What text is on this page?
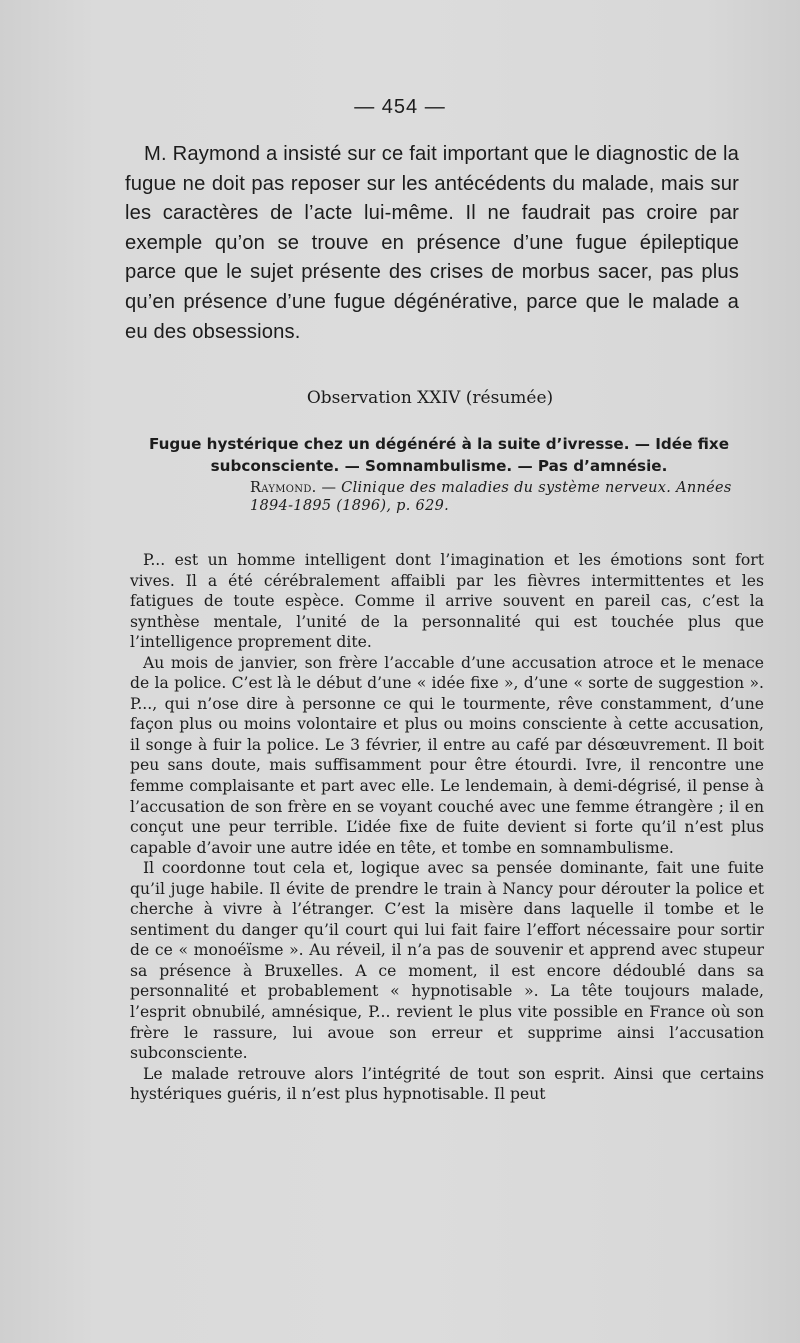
— 454 —
M. Raymond a insisté sur ce fait important que le diagnostic de la fugue ne doit pas reposer sur les antécédents du malade, mais sur les caractères de l’acte lui-même. Il ne faudrait pas croire par exemple qu’on se trouve en présence d’une fugue épileptique parce que le sujet présente des crises de morbus sacer, pas plus qu’en présence d’une fugue dégénérative, parce que le malade a eu des obsessions.
Observation XXIV (résumée)
Fugue hystérique chez un dégénéré à la suite d’ivresse. — Idée fixe subconsciente. — Somnambulisme. — Pas d’amnésie.
Raymond. — Clinique des maladies du système nerveux. Années 1894-1895 (1896), p. 629.

P... est un homme intelligent dont l’imagination et les émotions sont fort vives. Il a été cérébralement affaibli par les fièvres intermittentes et les fatigues de toute espèce. Comme il arrive souvent en pareil cas, c’est la synthèse mentale, l’unité de la personnalité qui est touchée plus que l’intelligence proprement dite.

Au mois de janvier, son frère l’accable d’une accusation atroce et le menace de la police. C’est là le début d’une « idée fixe », d’une « sorte de suggestion ». P..., qui n’ose dire à personne ce qui le tourmente, rêve constamment, d’une façon plus ou moins volontaire et plus ou moins consciente à cette accusation, il songe à fuir la police. Le 3 février, il entre au café par désœuvrement. Il boit peu sans doute, mais suffisamment pour être étourdi. Ivre, il rencontre une femme complaisante et part avec elle. Le lendemain, à demi-dégrisé, il pense à l’accusation de son frère en se voyant couché avec une femme étrangère ; il en conçut une peur terrible. L’idée fixe de fuite devient si forte qu’il n’est plus capable d’avoir une autre idée en tête, et tombe en somnambulisme.

Il coordonne tout cela et, logique avec sa pensée dominante, fait une fuite qu’il juge habile. Il évite de prendre le train à Nancy pour dérouter la police et cherche à vivre à l’étranger. C’est la misère dans laquelle il tombe et le sentiment du danger qu’il court qui lui fait faire l’effort nécessaire pour sortir de ce « monoéïsme ». Au réveil, il n’a pas de souvenir et apprend avec stupeur sa présence à Bruxelles. A ce moment, il est encore dédoublé dans sa personnalité et probablement « hypnotisable ». La tête toujours malade, l’esprit obnubilé, amnésique, P... revient le plus vite possible en France où son frère le rassure, lui avoue son erreur et supprime ainsi l’accusation subconsciente.

Le malade retrouve alors l’intégrité de tout son esprit. Ainsi que certains hystériques guéris, il n’est plus hypnotisable. Il peut
